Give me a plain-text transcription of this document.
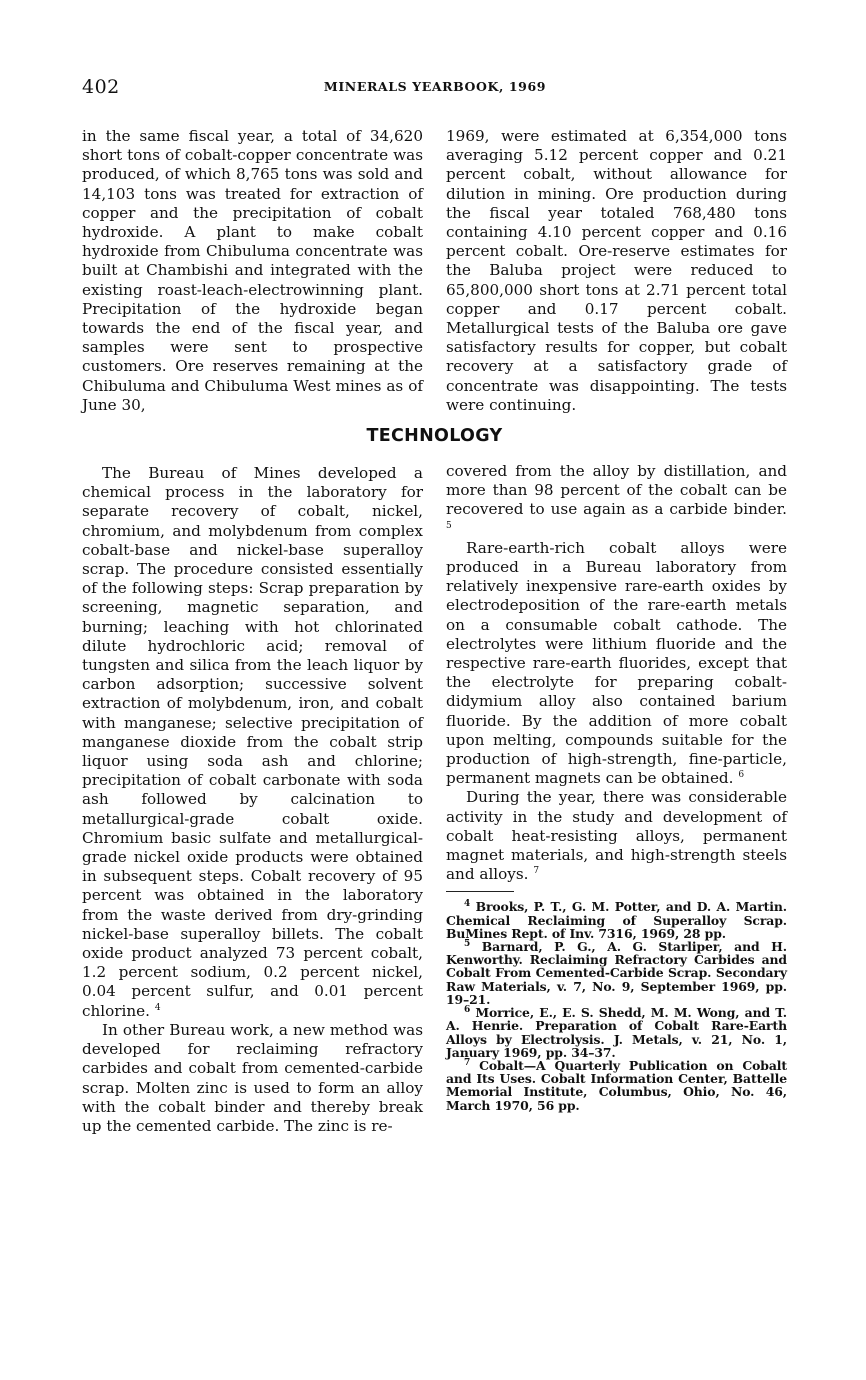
402	MINERALS YEARBOOK, 1969

in the same fiscal year, a total of 34,620 short tons of cobalt-copper concentrate was produced, of which 8,765 tons was sold and 14,103 tons was treated for extraction of copper and the precipitation of cobalt hydroxide. A plant to make cobalt hydroxide from Chibuluma concentrate was built at Chambishi and integrated with the existing roast-leach-electrowinning plant. Precipitation of the hydroxide began towards the end of the fiscal year, and samples were sent to prospective customers. Ore reserves remaining at the Chibuluma and Chibuluma West mines as of June 30,

1969, were estimated at 6,354,000 tons averaging 5.12 percent copper and 0.21 percent cobalt, without allowance for dilution in mining. Ore production during the fiscal year totaled 768,480 tons containing 4.10 percent copper and 0.16 percent cobalt. Ore-reserve estimates for the Baluba project were reduced to 65,800,000 short tons at 2.71 percent total copper and 0.17 percent cobalt. Metallurgical tests of the Baluba ore gave satisfactory results for copper, but cobalt recovery at a satisfactory grade of concentrate was disappointing. The tests were continuing.

TECHNOLOGY

The Bureau of Mines developed a chemical process in the laboratory for separate recovery of cobalt, nickel, chromium, and molybdenum from complex cobalt-base and nickel-base superalloy scrap. The procedure consisted essentially of the following steps: Scrap preparation by screening, magnetic separation, and burning; leaching with hot chlorinated dilute hydrochloric acid; removal of tungsten and silica from the leach liquor by carbon adsorption; successive solvent extraction of molybdenum, iron, and cobalt with manganese; selective precipitation of manganese dioxide from the cobalt strip liquor using soda ash and chlorine; precipitation of cobalt carbonate with soda ash followed by calcination to metallurgical-grade cobalt oxide. Chromium basic sulfate and metallurgical-grade nickel oxide products were obtained in subsequent steps. Cobalt recovery of 95 percent was obtained in the laboratory from the waste derived from dry-grinding nickel-base superalloy billets. The cobalt oxide product analyzed 73 percent cobalt, 1.2 percent sodium, 0.2 percent nickel, 0.04 percent sulfur, and 0.01 percent chlorine. $^4$

In other Bureau work, a new method was developed for reclaiming refractory carbides and cobalt from cemented-carbide scrap. Molten zinc is used to form an alloy with the cobalt binder and thereby break up the cemented carbide. The zinc is re-

covered from the alloy by distillation, and more than 98 percent of the cobalt can be recovered to use again as a carbide binder. $^5$

Rare-earth-rich cobalt alloys were produced in a Bureau laboratory from relatively inexpensive rare-earth oxides by electrodeposition of the rare-earth metals on a consumable cobalt cathode. The electrolytes were lithium fluoride and the respective rare-earth fluorides, except that the electrolyte for preparing cobalt-didymium alloy also contained barium fluoride. By the addition of more cobalt upon melting, compounds suitable for the production of high-strength, fine-particle, permanent magnets can be obtained. $^6$

During the year, there was considerable activity in the study and development of cobalt heat-resisting alloys, permanent magnet materials, and high-strength steels and alloys. $^7$

$^4$ Brooks, P. T., G. M. Potter, and D. A. Martin. Chemical Reclaiming of Superalloy Scrap. BuMines Rept. of Inv. 7316, 1969, 28 pp.

$^5$ Barnard, P. G., A. G. Starliper, and H. Kenworthy. Reclaiming Refractory Carbides and Cobalt From Cemented-Carbide Scrap. Secondary Raw Materials, v. 7, No. 9, September 1969, pp. 19–21.

$^6$ Morrice, E., E. S. Shedd, M. M. Wong, and T. A. Henrie. Preparation of Cobalt Rare-Earth Alloys by Electrolysis. J. Metals, v. 21, No. 1, January 1969, pp. 34–37.

$^7$ Cobalt—A Quarterly Publication on Cobalt and Its Uses. Cobalt Information Center, Battelle Memorial Institute, Columbus, Ohio, No. 46, March 1970, 56 pp.
